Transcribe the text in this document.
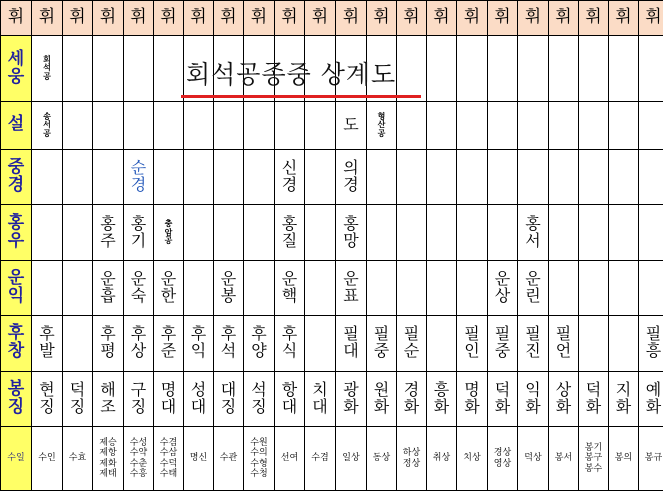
휘	휘	휘	휘	휘	휘	휘	휘	휘	휘	휘	휘	휘	휘	휘	휘	휘	휘	휘	휘	휘	휘
세웅	회석공																				
설	송서공										도	형산공									
중경				순경					신경		의경										
홍우			홍주	홍기	충암공				홍질		홍망						홍서				
운익			운흡	운숙	운한		운봉		운핵		운표					운상	운린				
후창	후발		후평	후상	후준	후익	후석	후양	후식		필대	필중	필순		필인	필중	필진	필언			필흥
봉징	현징	덕징	해조	구징	명대	성대	대징	석징	항대	치대	광화	원화	경화	흥화	명화	덕화	익화	상화	덕화	지화	예화
수일	수인	수효	제승제항제화제태	수성수약수춘수흥	수겸수삼수덕수태	명신	수관	수원수의수형수청	선여	수겸	일상	동상	하상정상	취상	치상	경상영상	덕상	봉서	봉기봉구봉수	봉의	봉규
회석공종중 상계도
